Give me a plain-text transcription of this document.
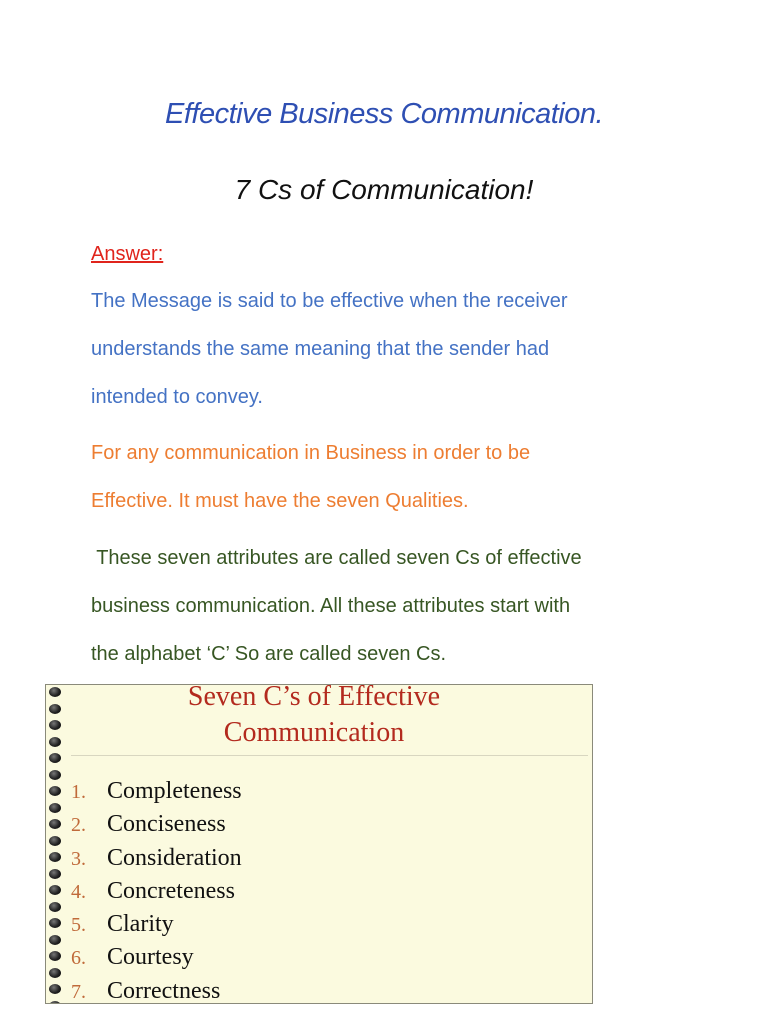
Effective Business Communication.
7 Cs of Communication!
Answer:
The Message is said to be effective when the receiver
understands the same meaning that the sender had
intended to convey.
For any communication in Business in order to be
Effective. It must have the seven Qualities.
These seven attributes are called seven Cs of effective
business communication. All these attributes start with
the alphabet ‘C’ So are called seven Cs.
Seven C’s of Effective
Communication
1. Completeness
2. Conciseness
3. Consideration
4. Concreteness
5. Clarity
6. Courtesy
7. Correctness
